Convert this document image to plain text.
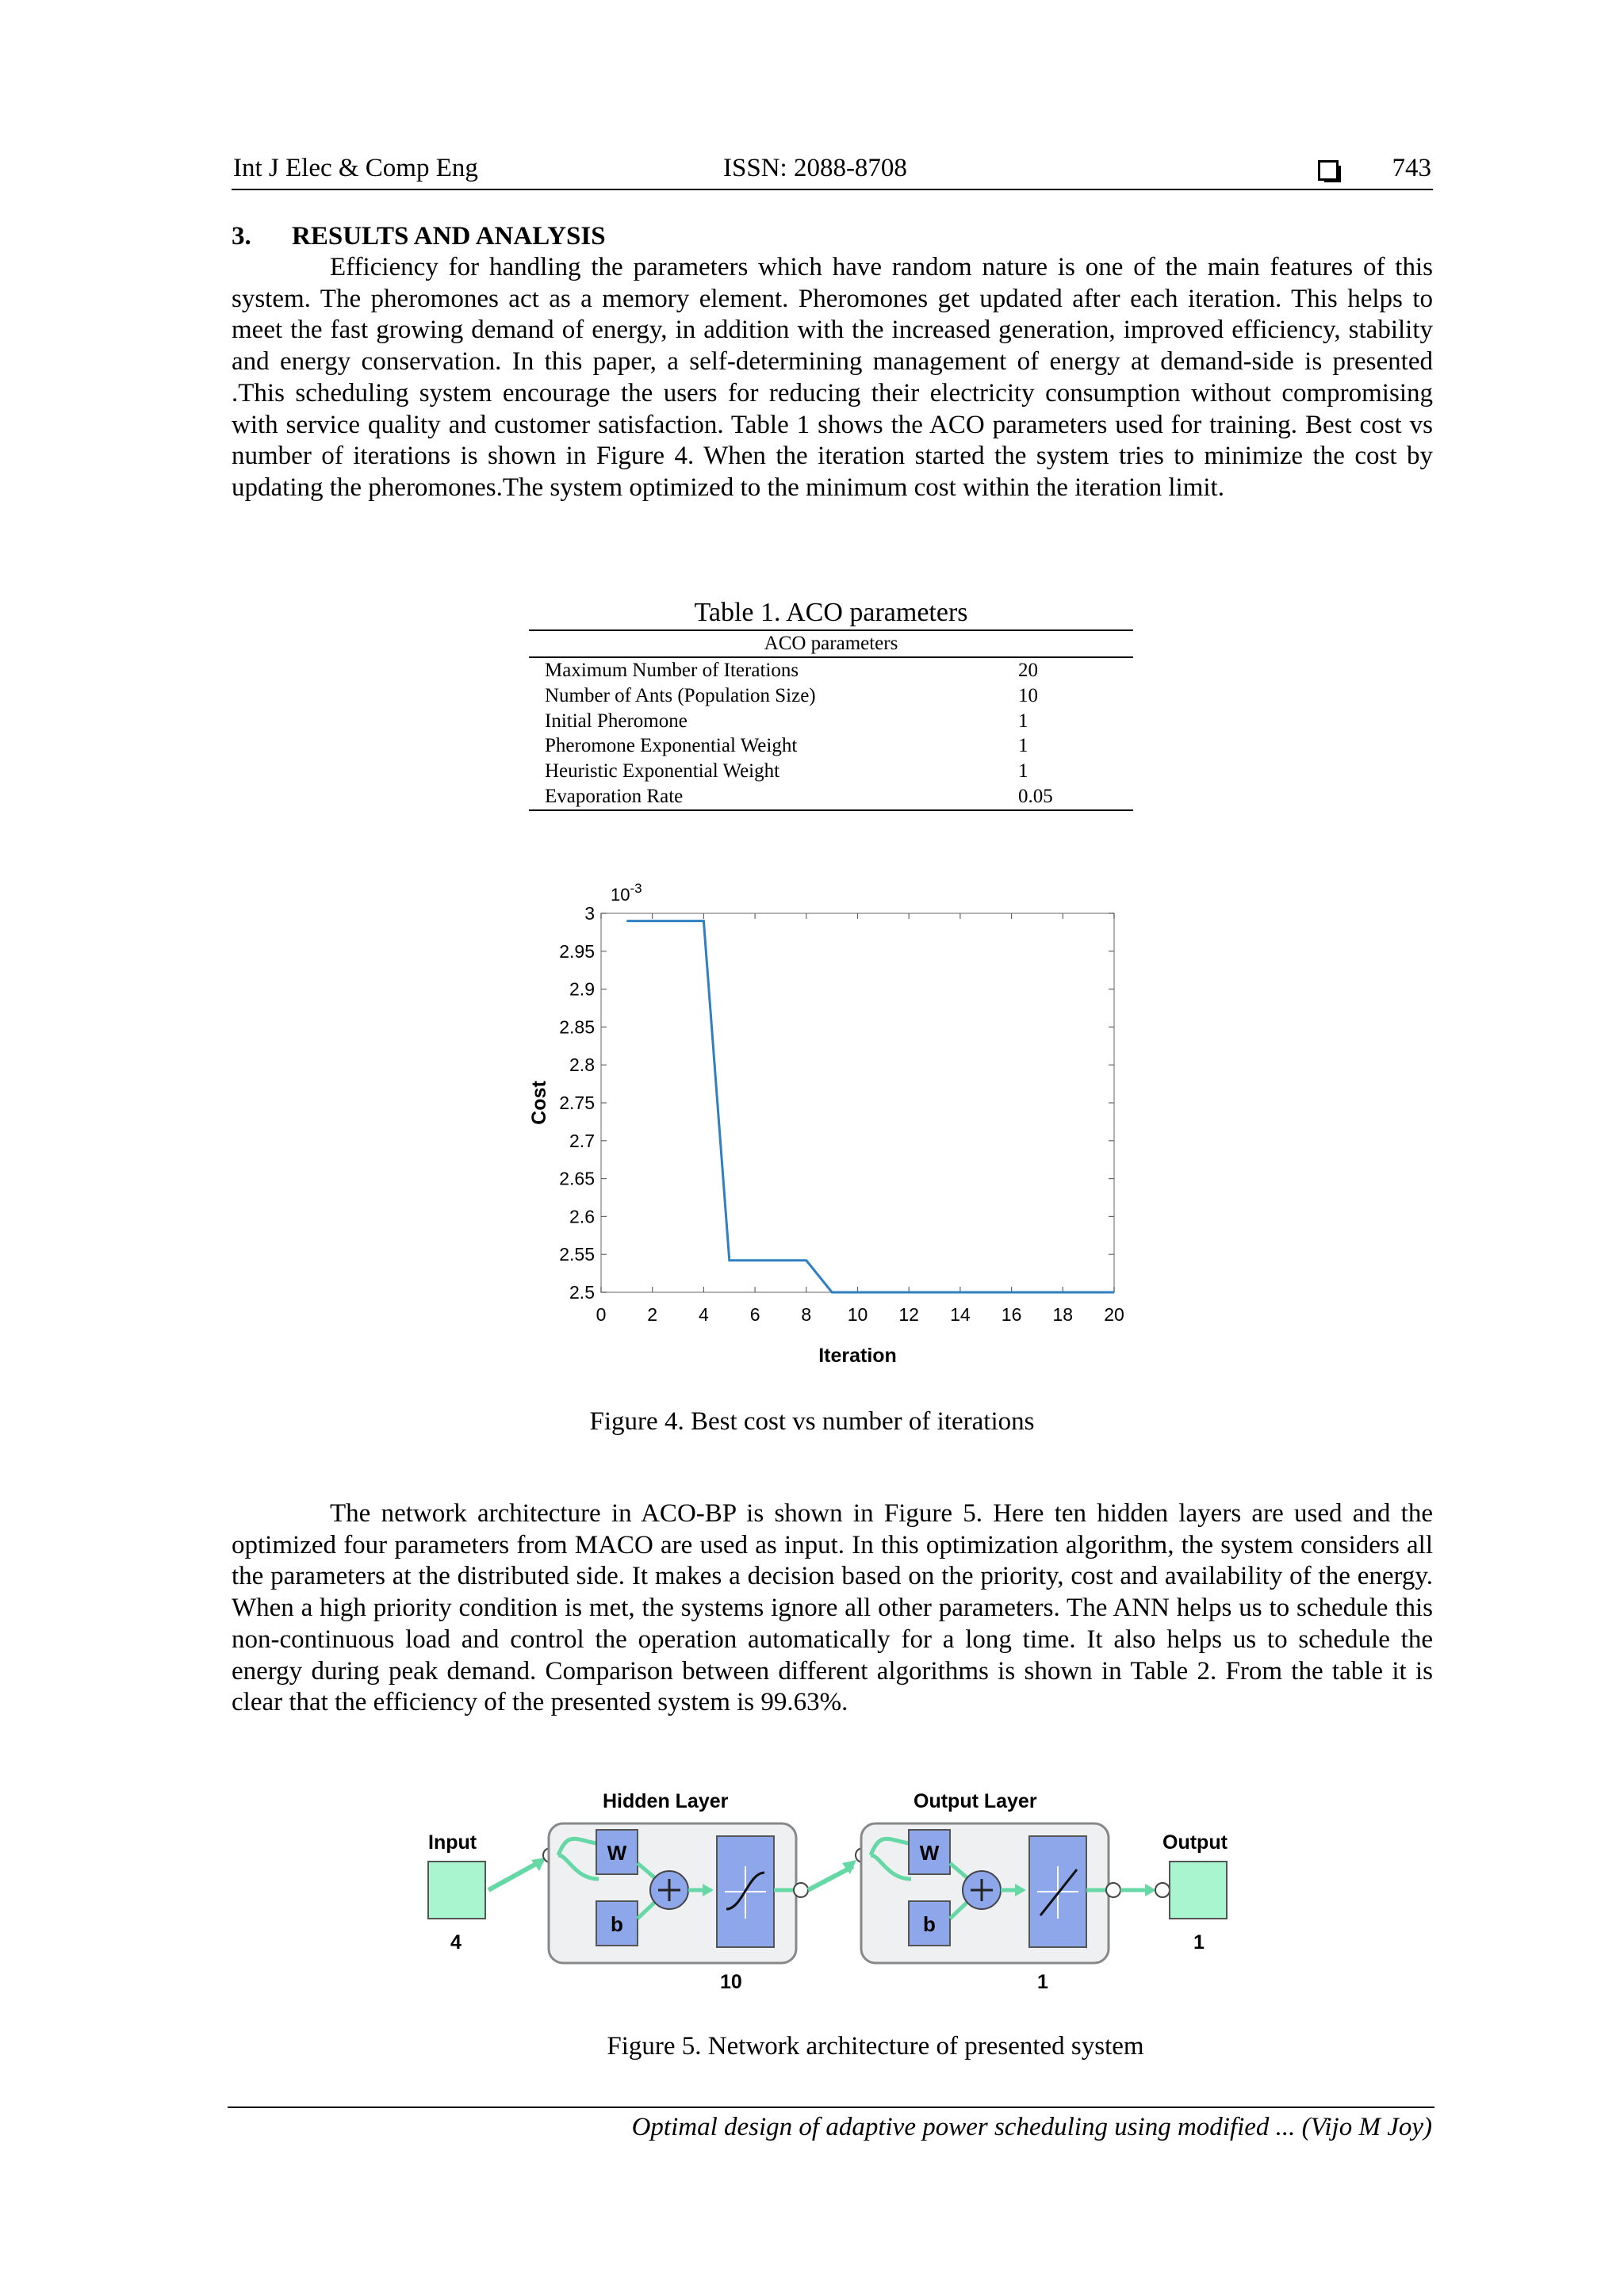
Int J Elec & Comp Eng	ISSN: 2088-8708	743
3. RESULTS AND ANALYSIS
Efficiency for handling the parameters which have random nature is one of the main features of this system. The pheromones act as a memory element. Pheromones get updated after each iteration. This helps to meet the fast growing demand of energy, in addition with the increased generation, improved efficiency, stability and energy conservation. In this paper, a self-determining management of energy at demand-side is presented .This scheduling system encourage the users for reducing their electricity consumption without compromising with service quality and customer satisfaction. Table 1 shows the ACO parameters used for training. Best cost vs number of iterations is shown in Figure 4. When the iteration started the system tries to minimize the cost by updating the pheromones.The system optimized to the minimum cost within the iteration limit.
Table 1. ACO parameters
ACO parameters	
Maximum Number of Iterations	20
Number of Ants (Population Size)	10
Initial Pheromone	1
Pheromone Exponential Weight	1
Heuristic Exponential Weight	1
Evaporation Rate	0.05
0 2 4 6 8 10 12 14 16 18 20
2.5
2.55
2.6
2.65
2.7
2.75
2.8
2.85
2.9
2.95
3
$10^{-3}$
Iteration
Cost
Figure 4. Best cost vs number of iterations
The network architecture in ACO-BP is shown in Figure 5. Here ten hidden layers are used and the optimized four parameters from MACO are used as input. In this optimization algorithm, the system considers all the parameters at the distributed side. It makes a decision based on the priority, cost and availability of the energy. When a high priority condition is met, the systems ignore all other parameters. The ANN helps us to schedule this non-continuous load and control the operation automatically for a long time. It also helps us to schedule the energy during peak demand. Comparison between different algorithms is shown in Table 2. From the table it is clear that the efficiency of the presented system is 99.63%.
Input
4
Hidden Layer
10
Output Layer
1
Output
1
W
b
W
b
Figure 5. Network architecture of presented system
Optimal design of adaptive power scheduling using modified ... (Vijo M Joy)
